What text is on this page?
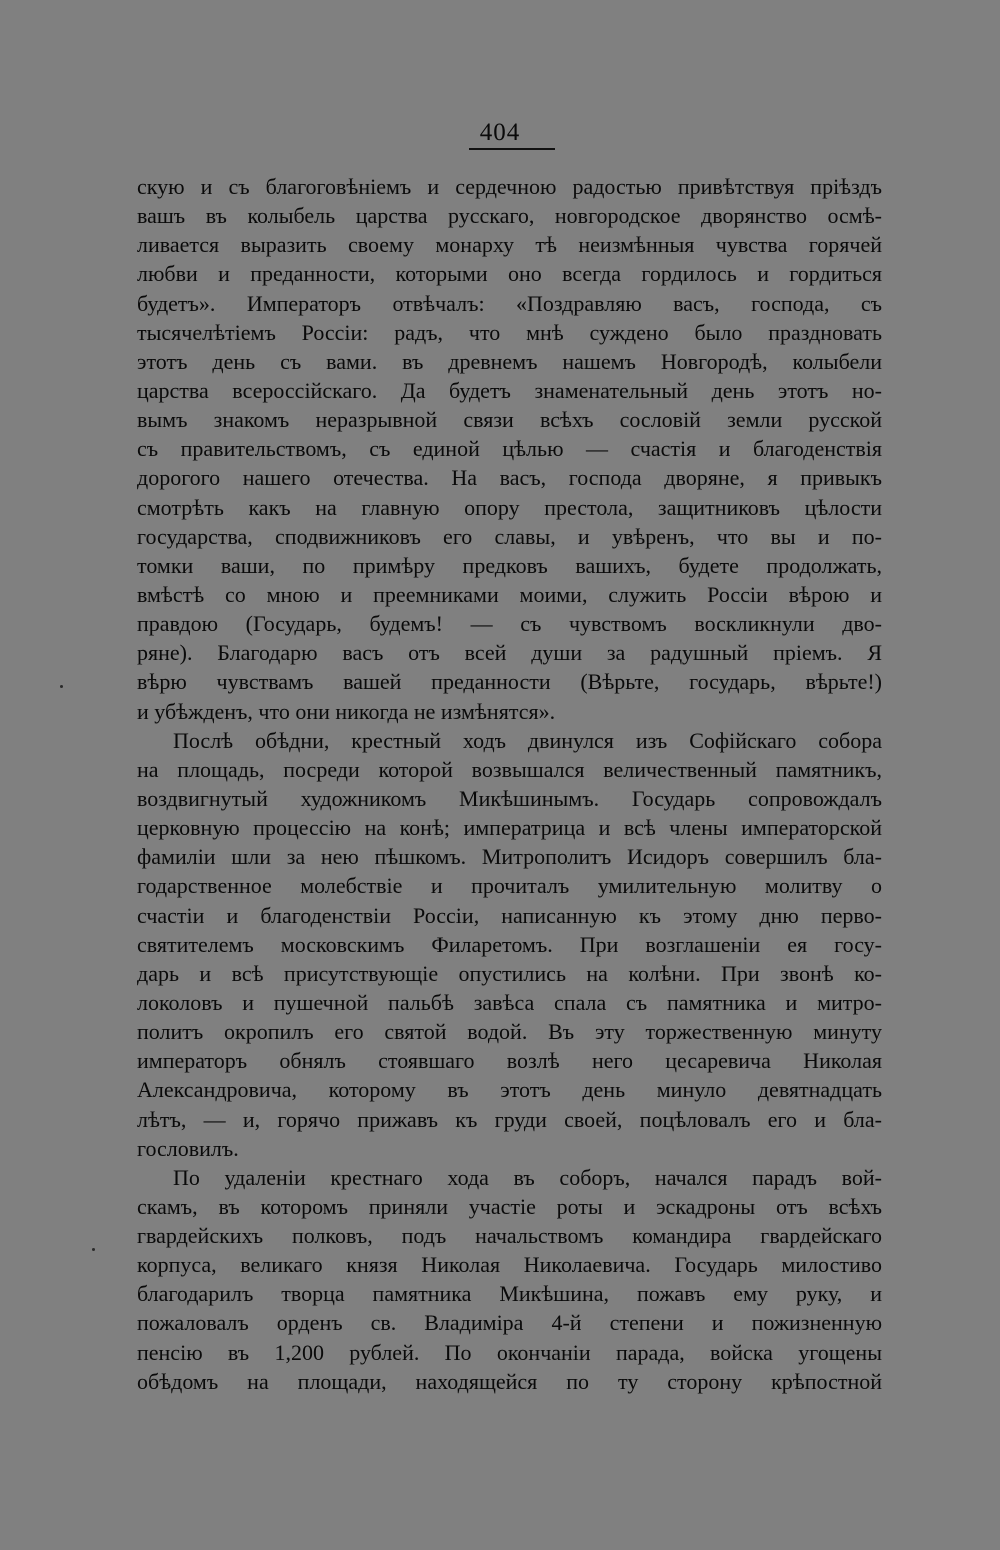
404
скую и съ благоговѣніемъ и сердечною радостью привѣтствуя пріѣздъ
вашъ въ колыбель царства русскаго, новгородское дворянство осмѣ-
ливается выразить своему монарху тѣ неизмѣнныя чувства горячей
любви и преданности, которыми оно всегда гордилось и гордиться
будетъ». Императоръ отвѣчалъ: «Поздравляю васъ, господа, съ
тысячелѣтіемъ Россіи: радъ, что мнѣ суждено было праздновать
этотъ день съ вами. въ древнемъ нашемъ Новгородѣ, колыбели
царства всероссійскаго. Да будетъ знаменательный день этотъ но-
вымъ знакомъ неразрывной связи всѣхъ сословій земли русской
съ правительствомъ, съ единой цѣлью — счастія и благоденствія
дорогого нашего отечества. На васъ, господа дворяне, я привыкъ
смотрѣть какъ на главную опору престола, защитниковъ цѣлости
государства, сподвижниковъ его славы, и увѣренъ, что вы и по-
томки ваши, по примѣру предковъ вашихъ, будете продолжать,
вмѣстѣ со мною и преемниками моими, служить Россіи вѣрою и
правдою (Государь, будемъ! — съ чувствомъ воскликнули дво-
ряне). Благодарю васъ отъ всей души за радушный пріемъ. Я
вѣрю чувствамъ вашей преданности (Вѣрьте, государь, вѣрьте!)
и убѣжденъ, что они никогда не измѣнятся».
Послѣ обѣдни, крестный ходъ двинулся изъ Софійскаго собора
на площадь, посреди которой возвышался величественный памятникъ,
воздвигнутый художникомъ Микѣшинымъ. Государь сопровождалъ
церковную процессію на конѣ; императрица и всѣ члены императорской
фамиліи шли за нею пѣшкомъ. Митрополитъ Исидоръ совершилъ бла-
годарственное молебствіе и прочиталъ умилительную молитву о
счастіи и благоденствіи Россіи, написанную къ этому дню перво-
святителемъ московскимъ Филаретомъ. При возглашеніи ея госу-
дарь и всѣ присутствующіе опустились на колѣни. При звонѣ ко-
локоловъ и пушечной пальбѣ завѣса спала съ памятника и митро-
политъ окропилъ его святой водой. Въ эту торжественную минуту
императоръ обнялъ стоявшаго возлѣ него цесаревича Николая
Александровича, которому въ этотъ день минуло девятнадцать
лѣтъ, — и, горячо прижавъ къ груди своей, поцѣловалъ его и бла-
гословилъ.
По удаленіи крестнаго хода въ соборъ, начался парадъ вой-
скамъ, въ которомъ приняли участіе роты и эскадроны отъ всѣхъ
гвардейскихъ полковъ, подъ начальствомъ командира гвардейскаго
корпуса, великаго князя Николая Николаевича. Государь милостиво
благодарилъ творца памятника Микѣшина, пожавъ ему руку, и
пожаловалъ орденъ св. Владиміра 4-й степени и пожизненную
пенсію въ 1,200 рублей. По окончаніи парада, войска угощены
обѣдомъ на площади, находящейся по ту сторону крѣпостной
